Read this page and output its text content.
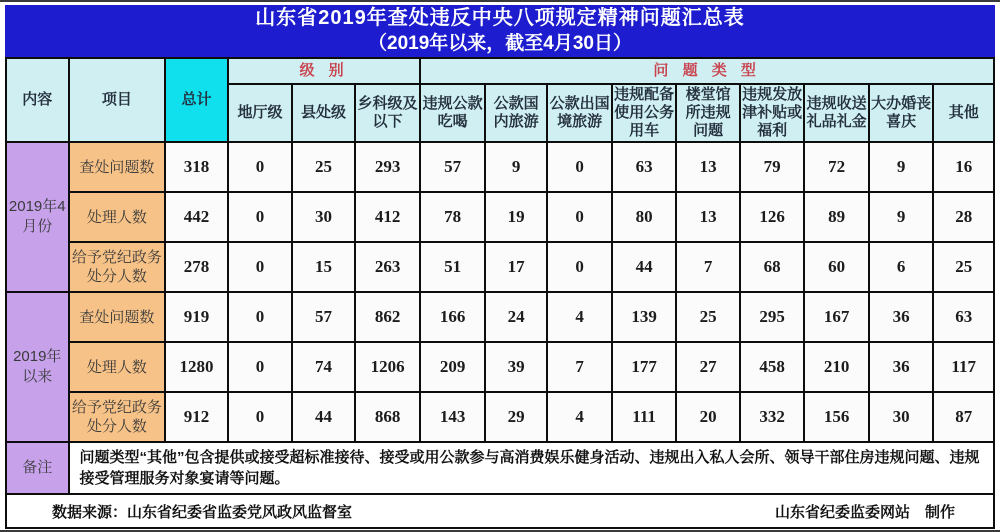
山东省2019年查处违反中央八项规定精神问题汇总表
（2019年以来，截至4月30日）
内容	项目	总计	级 别			问 题 类 型								
			地厅级	县处级	乡科级及以下	违规公款吃喝	公款国内旅游	公款出国境旅游	违规配备使用公务用车	楼堂馆所违规问题	违规发放津补贴或福利	违规收送礼品礼金	大办婚丧喜庆	其他
2019年4月份	查处问题数	318	0	25	293	57	9	0	63	13	79	72	9	16
	处理人数	442	0	30	412	78	19	0	80	13	126	89	9	28
	给予党纪政务处分人数	278	0	15	263	51	17	0	44	7	68	60	6	25
2019年以来	查处问题数	919	0	57	862	166	24	4	139	25	295	167	36	63
	处理人数	1280	0	74	1206	209	39	7	177	27	458	210	36	117
	给予党纪政务处分人数	912	0	44	868	143	29	4	111	20	332	156	30	87
备注	问题类型“其他”包含提供或接受超标准接待、接受或用公款参与高消费娱乐健身活动、违规出入私人会所、领导干部住房违规问题、违规接受管理服务对象宴请等问题。													

数据来源：山东省纪委省监委党风政风监督室 山东省纪委监委网站　制作														
